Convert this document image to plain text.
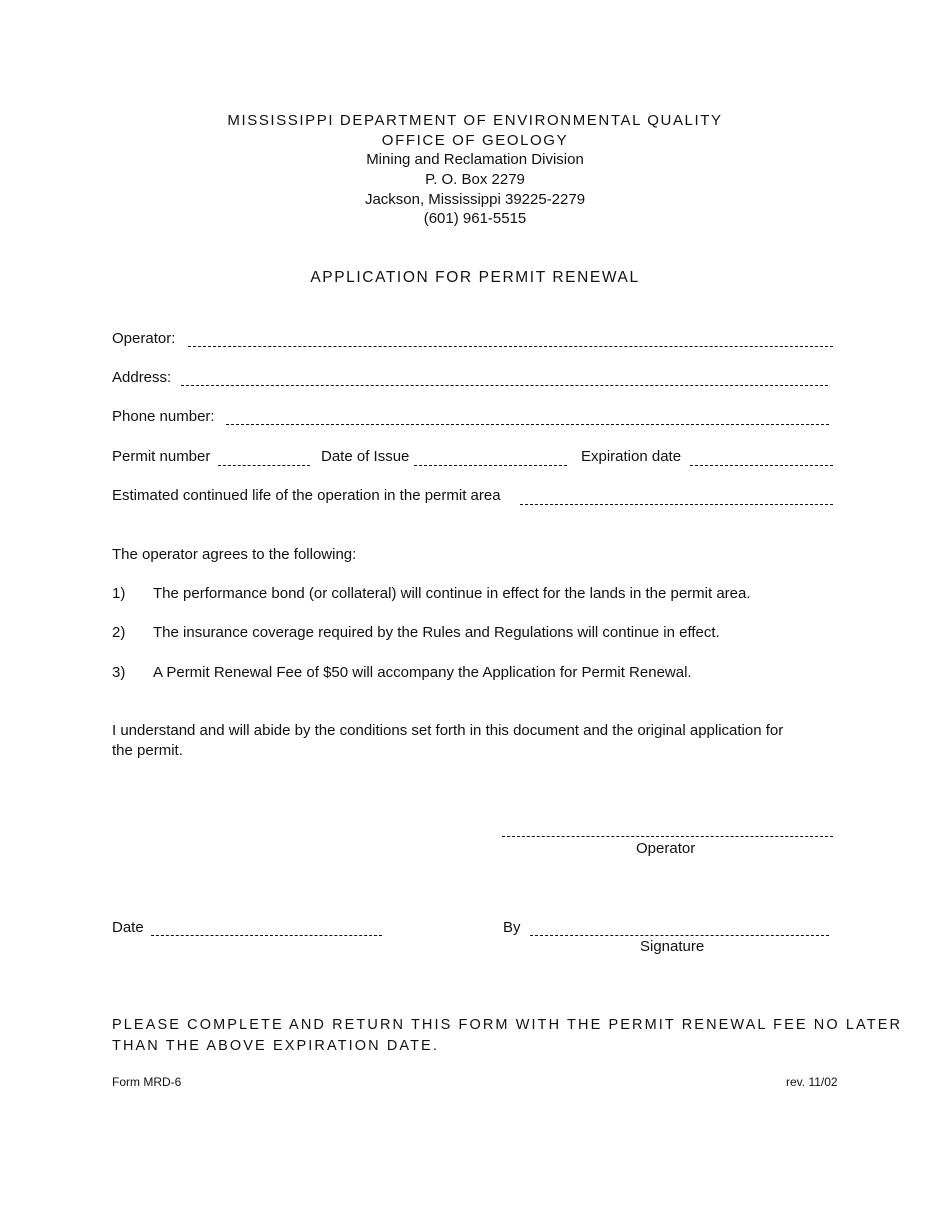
MISSISSIPPI DEPARTMENT OF ENVIRONMENTAL QUALITY
OFFICE OF GEOLOGY
Mining and Reclamation Division
P. O. Box 2279
Jackson, Mississippi 39225-2279
(601) 961-5515
APPLICATION FOR PERMIT RENEWAL
Operator:
Address:
Phone number:
Permit number	Date of Issue	Expiration date
Estimated continued life of the operation in the permit area
The operator agrees to the following:
1) The performance bond (or collateral) will continue in effect for the lands in the permit area.
2) The insurance coverage required by the Rules and Regulations will continue in effect.
3) A Permit Renewal Fee of $50 will accompany the Application for Permit Renewal.
I understand and will abide by the conditions set forth in this document and the original application for
the permit.
Operator
Date	By
Signature
PLEASE COMPLETE AND RETURN THIS FORM WITH THE PERMIT RENEWAL FEE NO LATER
THAN THE ABOVE EXPIRATION DATE.
Form MRD-6	rev. 11/02
